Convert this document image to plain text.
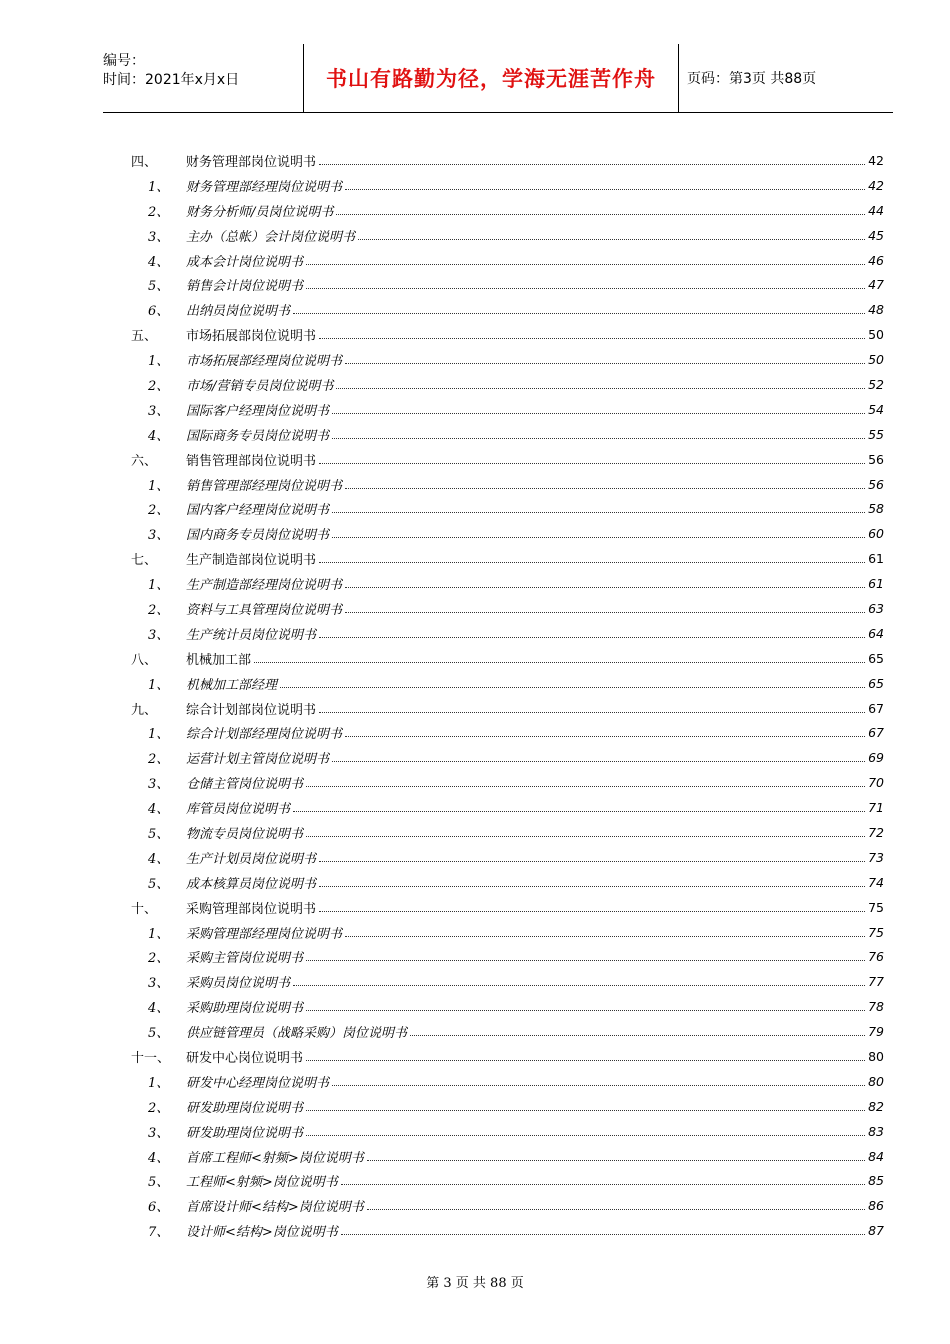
编号：
时间：2021年x月x日	书山有路勤为径，学海无涯苦作舟	页码：第3页 共88页
四、	财务管理部岗位说明书	42
1、	财务管理部经理岗位说明书	42
2、	财务分析师/员岗位说明书	44
3、	主办（总帐）会计岗位说明书	45
4、	成本会计岗位说明书	46
5、	销售会计岗位说明书	47
6、	出纳员岗位说明书	48
五、	市场拓展部岗位说明书	50
1、	市场拓展部经理岗位说明书	50
2、	市场/营销专员岗位说明书	52
3、	国际客户经理岗位说明书	54
4、	国际商务专员岗位说明书	55
六、	销售管理部岗位说明书	56
1、	销售管理部经理岗位说明书	56
2、	国内客户经理岗位说明书	58
3、	国内商务专员岗位说明书	60
七、	生产制造部岗位说明书	61
1、	生产制造部经理岗位说明书	61
2、	资料与工具管理岗位说明书	63
3、	生产统计员岗位说明书	64
八、	机械加工部	65
1、	机械加工部经理	65
九、	综合计划部岗位说明书	67
1、	综合计划部经理岗位说明书	67
2、	运营计划主管岗位说明书	69
3、	仓储主管岗位说明书	70
4、	库管员岗位说明书	71
5、	物流专员岗位说明书	72
4、	生产计划员岗位说明书	73
5、	成本核算员岗位说明书	74
十、	采购管理部岗位说明书	75
1、	采购管理部经理岗位说明书	75
2、	采购主管岗位说明书	76
3、	采购员岗位说明书	77
4、	采购助理岗位说明书	78
5、	供应链管理员（战略采购）岗位说明书	79
十一、	研发中心岗位说明书	80
1、	研发中心经理岗位说明书	80
2、	研发助理岗位说明书	82
3、	研发助理岗位说明书	83
4、	首席工程师<射频>岗位说明书	84
5、	工程师<射频>岗位说明书	85
6、	首席设计师<结构>岗位说明书	86
7、	设计师<结构>岗位说明书	87
第 3 页 共 88 页
